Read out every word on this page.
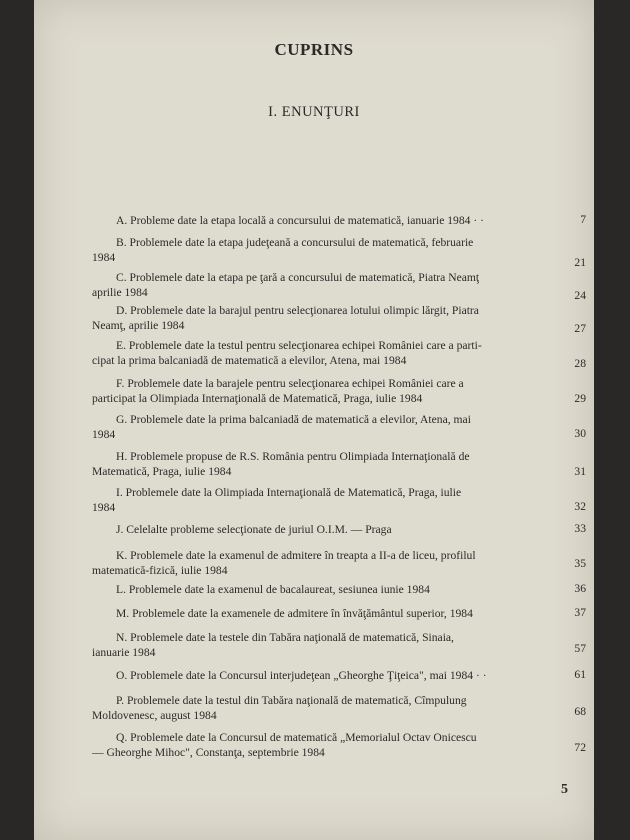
CUPRINS
I. ENUNŢURI
A. Probleme date la etapa locală a concursului de matematică, ianuarie 1984 · ·	7
B. Problemele date la etapa judeţeană a concursului de matematică, februarie
1984	21
C. Problemele date la etapa pe ţară a concursului de matematică, Piatra Neamţ
aprilie 1984	24
D. Problemele date la barajul pentru selecţionarea lotului olimpic lărgit, Piatra
Neamţ, aprilie 1984	27
E. Problemele date la testul pentru selecţionarea echipei României care a parti-
cipat la prima balcaniadă de matematică a elevilor, Atena, mai 1984	28
F. Problemele date la barajele pentru selecţionarea echipei României care a
participat la Olimpiada Internaţională de Matematică, Praga, iulie 1984	29
G. Problemele date la prima balcaniadă de matematică a elevilor, Atena, mai
1984	30
H. Problemele propuse de R.S. România pentru Olimpiada Internaţională de
Matematică, Praga, iulie 1984	31
I. Problemele date la Olimpiada Internaţională de Matematică, Praga, iulie
1984	32
J. Celelalte probleme selecţionate de juriul O.I.M. — Praga	33
K. Problemele date la examenul de admitere în treapta a II-a de liceu, profilul
matematică-fizică, iulie 1984
35
L. Problemele date la examenul de bacalaureat, sesiunea iunie 1984	36
M. Problemele date la examenele de admitere în învăţământul superior, 1984	37
N. Problemele date la testele din Tabăra naţională de matematică, Sinaia,
ianuarie 1984	57
O. Problemele date la Concursul interjudeţean „Gheorghe Ţiţeica", mai 1984 · ·	61
P. Problemele date la testul din Tabăra naţională de matematică, Cîmpulung
Moldovenesc, august 1984	68
Q. Problemele date la Concursul de matematică „Memorialul Octav Onicescu
— Gheorghe Mihoc", Constanţa, septembrie 1984	72
5
